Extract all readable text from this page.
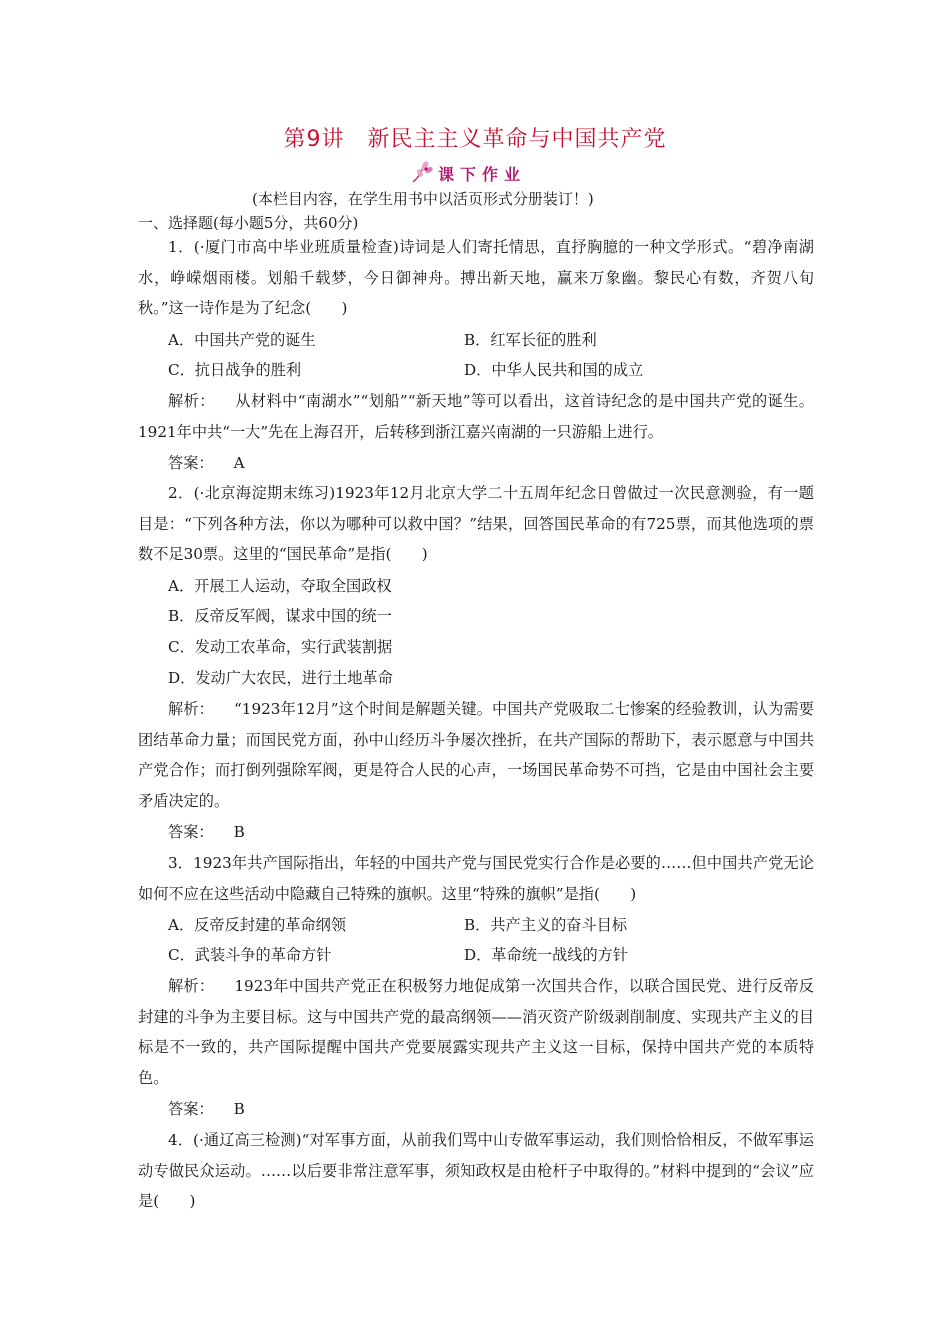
第9讲　新民主主义革命与中国共产党
课下作业
(本栏目内容，在学生用书中以活页形式分册装订！)
一、选择题(每小题5分，共60分)

1．(·厦门市高中毕业班质量检查)诗词是人们寄托情思，直抒胸臆的一种文学形式。“碧净南湖水，峥嵘烟雨楼。划船千载梦，今日御神舟。搏出新天地，赢来万象幽。黎民心有数，齐贺八旬秋。”这一诗作是为了纪念(　　)

A．中国共产党的诞生	B．红军长征的胜利
C．抗日战争的胜利	D．中华人民共和国的成立

解析： 从材料中“南湖水”“划船”“新天地”等可以看出，这首诗纪念的是中国共产党的诞生。1921年中共“一大”先在上海召开，后转移到浙江嘉兴南湖的一只游船上进行。

答案： A

2．(·北京海淀期末练习)1923年12月北京大学二十五周年纪念日曾做过一次民意测验，有一题目是：“下列各种方法，你以为哪种可以救中国？”结果，回答国民革命的有725票，而其他选项的票数不足30票。这里的“国民革命”是指(　　)

A．开展工人运动，夺取全国政权
B．反帝反军阀，谋求中国的统一
C．发动工农革命，实行武装割据
D．发动广大农民，进行土地革命

解析： “1923年12月”这个时间是解题关键。中国共产党吸取二七惨案的经验教训，认为需要团结革命力量；而国民党方面，孙中山经历斗争屡次挫折，在共产国际的帮助下，表示愿意与中国共产党合作；而打倒列强除军阀，更是符合人民的心声，一场国民革命势不可挡，它是由中国社会主要矛盾决定的。

答案： B

3．1923年共产国际指出，年轻的中国共产党与国民党实行合作是必要的……但中国共产党无论如何不应在这些活动中隐藏自己特殊的旗帜。这里“特殊的旗帜”是指(　　)

A．反帝反封建的革命纲领	B．共产主义的奋斗目标
C．武装斗争的革命方针	D．革命统一战线的方针

解析： 1923年中国共产党正在积极努力地促成第一次国共合作，以联合国民党、进行反帝反封建的斗争为主要目标。这与中国共产党的最高纲领——消灭资产阶级剥削制度、实现共产主义的目标是不一致的，共产国际提醒中国共产党要展露实现共产主义这一目标，保持中国共产党的本质特色。

答案： B

4．(·通辽高三检测)“对军事方面，从前我们骂中山专做军事运动，我们则恰恰相反，不做军事运动专做民众运动。……以后要非常注意军事，须知政权是由枪杆子中取得的。”材料中提到的“会议”应是(　　)
